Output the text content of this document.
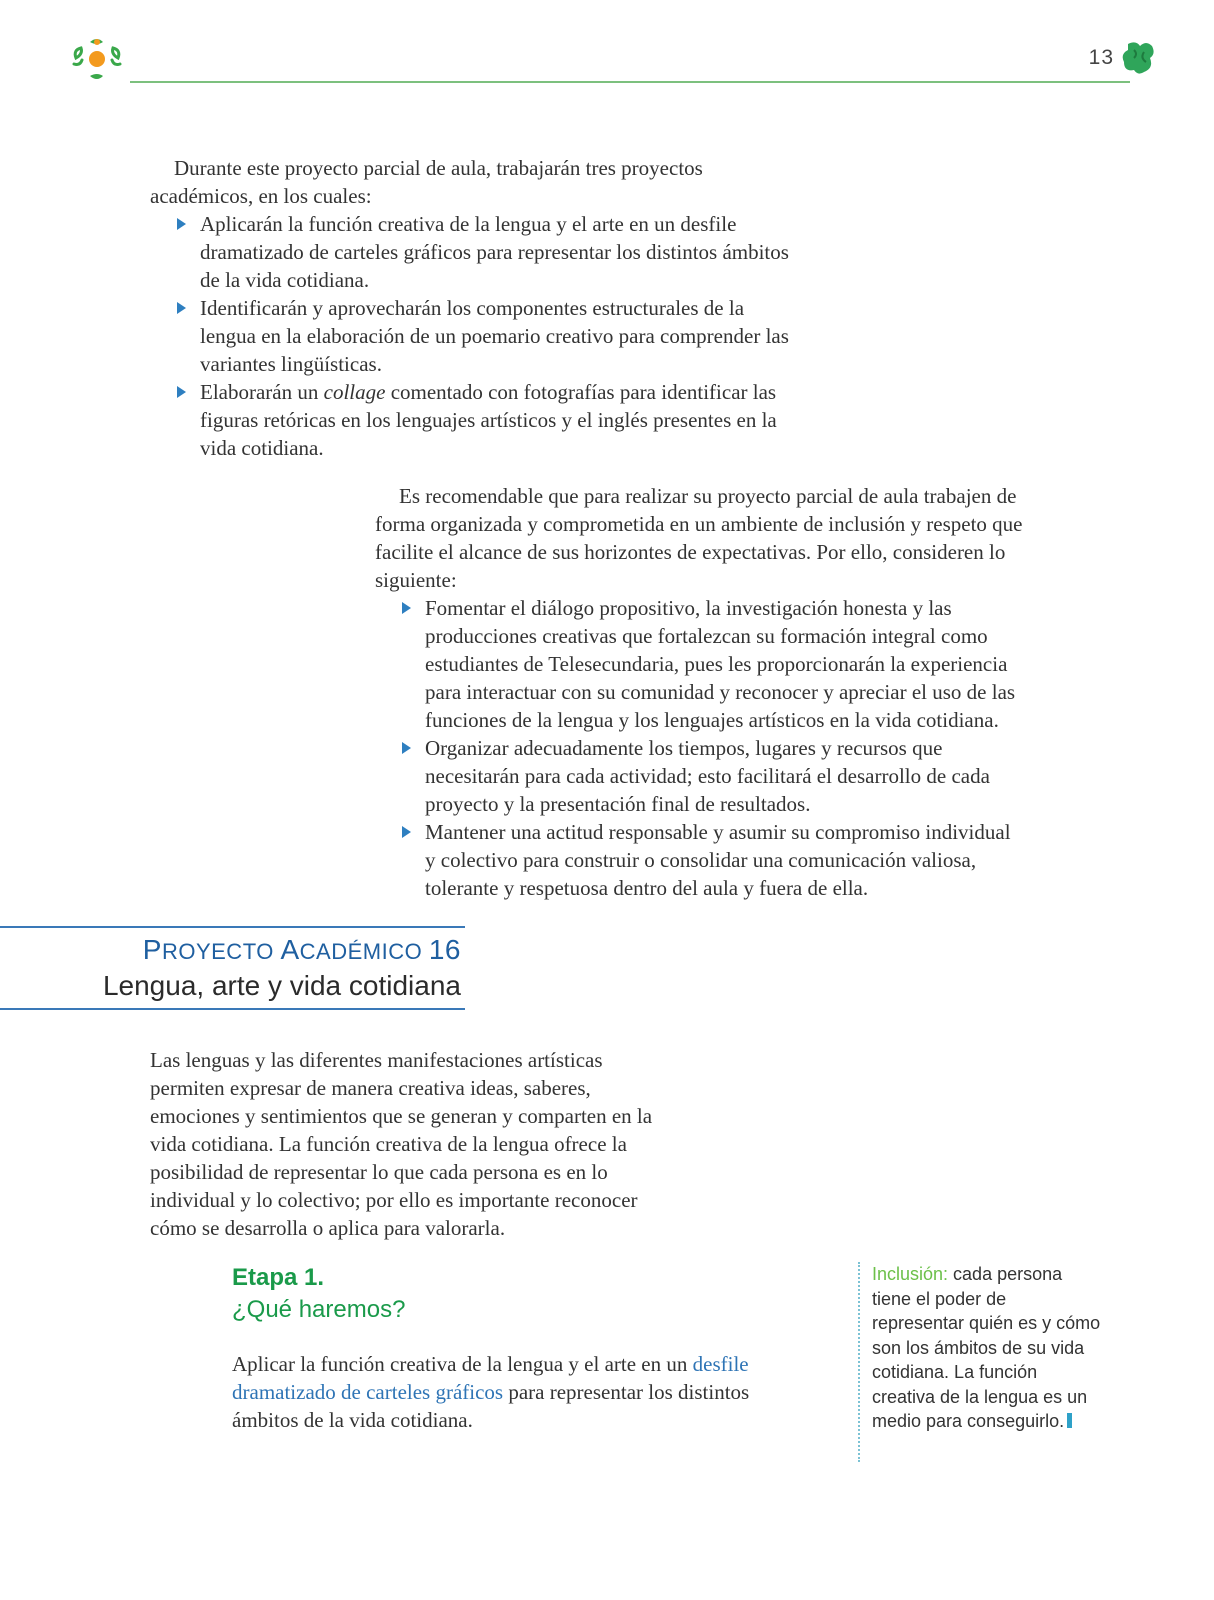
13

Durante este proyecto parcial de aula, trabajarán tres proyectos académicos, en los cuales:

Aplicarán la función creativa de la lengua y el arte en un desfile dramatizado de carteles gráficos para representar los distintos ámbitos de la vida cotidiana.
Identificarán y aprovecharán los componentes estructurales de la lengua en la elaboración de un poemario creativo para comprender las variantes lingüísticas.
Elaborarán un collage comentado con fotografías para identificar las figuras retóricas en los lenguajes artísticos y el inglés presentes en la vida cotidiana.

Es recomendable que para realizar su proyecto parcial de aula trabajen de forma organizada y comprometida en un ambiente de inclusión y respeto que facilite el alcance de sus horizontes de expectativas. Por ello, consideren lo siguiente:

Fomentar el diálogo propositivo, la investigación honesta y las producciones creativas que fortalezcan su formación integral como estudiantes de Telesecundaria, pues les proporcionarán la experiencia para interactuar con su comunidad y reconocer y apreciar el uso de las funciones de la lengua y los lenguajes artísticos en la vida cotidiana.
Organizar adecuadamente los tiempos, lugares y recursos que necesitarán para cada actividad; esto facilitará el desarrollo de cada proyecto y la presentación final de resultados.
Mantener una actitud responsable y asumir su compromiso individual y colectivo para construir o consolidar una comunicación valiosa, tolerante y respetuosa dentro del aula y fuera de ella.
PROYECTO ACADÉMICO 16
Lengua, arte y vida cotidiana

Las lenguas y las diferentes manifestaciones artísticas permiten expresar de manera creativa ideas, saberes, emociones y sentimientos que se generan y comparten en la vida cotidiana. La función creativa de la lengua ofrece la posibilidad de representar lo que cada persona es en lo individual y lo colectivo; por ello es importante reconocer cómo se desarrolla o aplica para valorarla.

Etapa 1.
¿Qué haremos?

Aplicar la función creativa de la lengua y el arte en un desfile dramatizado de carteles gráficos para representar los distintos ámbitos de la vida cotidiana.

Inclusión: cada persona tiene el poder de representar quién es y cómo son los ámbitos de su vida cotidiana. La función creativa de la lengua es un medio para conseguirlo.
